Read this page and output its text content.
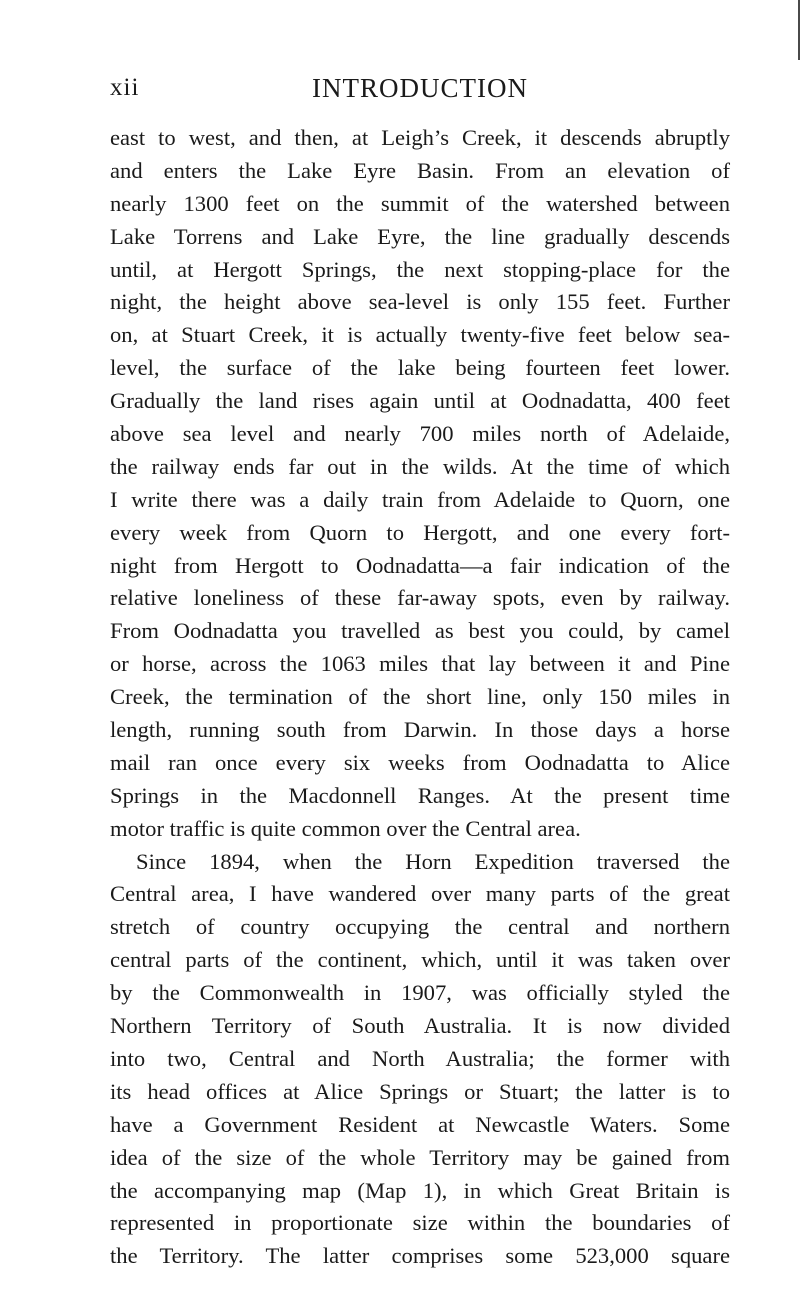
xii	INTRODUCTION
east to west, and then, at Leigh’s Creek, it descends abruptly
and enters the Lake Eyre Basin. From an elevation of
nearly 1300 feet on the summit of the watershed between
Lake Torrens and Lake Eyre, the line gradually descends
until, at Hergott Springs, the next stopping-place for the
night, the height above sea-level is only 155 feet. Further
on, at Stuart Creek, it is actually twenty-five feet below sea-
level, the surface of the lake being fourteen feet lower.
Gradually the land rises again until at Oodnadatta, 400 feet
above sea level and nearly 700 miles north of Adelaide,
the railway ends far out in the wilds. At the time of which
I write there was a daily train from Adelaide to Quorn, one
every week from Quorn to Hergott, and one every fort-
night from Hergott to Oodnadatta—a fair indication of the
relative loneliness of these far-away spots, even by railway.
From Oodnadatta you travelled as best you could, by camel
or horse, across the 1063 miles that lay between it and Pine
Creek, the termination of the short line, only 150 miles in
length, running south from Darwin. In those days a horse
mail ran once every six weeks from Oodnadatta to Alice
Springs in the Macdonnell Ranges. At the present time
motor traffic is quite common over the Central area.
Since 1894, when the Horn Expedition traversed the
Central area, I have wandered over many parts of the great
stretch of country occupying the central and northern
central parts of the continent, which, until it was taken over
by the Commonwealth in 1907, was officially styled the
Northern Territory of South Australia. It is now divided
into two, Central and North Australia; the former with
its head offices at Alice Springs or Stuart; the latter is to
have a Government Resident at Newcastle Waters. Some
idea of the size of the whole Territory may be gained from
the accompanying map (Map 1), in which Great Britain is
represented in proportionate size within the boundaries of
the Territory. The latter comprises some 523,000 square
